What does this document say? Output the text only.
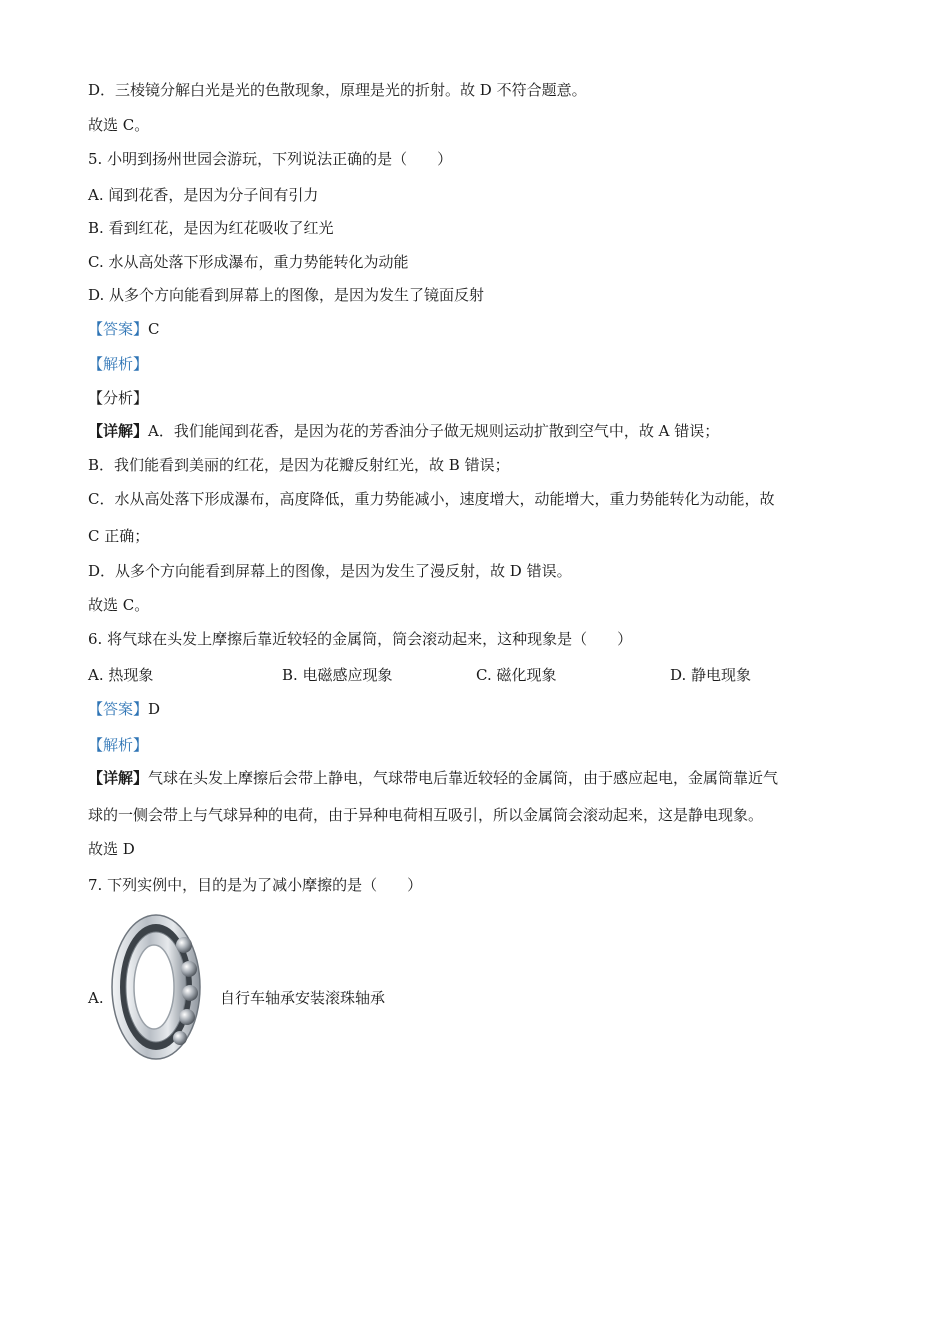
D．三棱镜分解白光是光的色散现象，原理是光的折射。故 D 不符合题意。
故选 C。
5. 小明到扬州世园会游玩，下列说法正确的是（　　）
A. 闻到花香，是因为分子间有引力
B. 看到红花，是因为红花吸收了红光
C. 水从高处落下形成瀑布，重力势能转化为动能
D. 从多个方向能看到屏幕上的图像，是因为发生了镜面反射
【答案】C
【解析】
【分析】
【详解】A．我们能闻到花香，是因为花的芳香油分子做无规则运动扩散到空气中，故 A 错误；
B．我们能看到美丽的红花，是因为花瓣反射红光，故 B 错误；
C．水从高处落下形成瀑布，高度降低，重力势能减小，速度增大，动能增大，重力势能转化为动能，故
C 正确；
D．从多个方向能看到屏幕上的图像，是因为发生了漫反射，故 D 错误。
故选 C。
6. 将气球在头发上摩擦后靠近较轻的金属筒，筒会滚动起来，这种现象是（　　）
A. 热现象	B. 电磁感应现象	C. 磁化现象	D. 静电现象
【答案】D
【解析】
【详解】气球在头发上摩擦后会带上静电，气球带电后靠近较轻的金属筒，由于感应起电，金属筒靠近气
球的一侧会带上与气球异种的电荷，由于异种电荷相互吸引，所以金属筒会滚动起来，这是静电现象。
故选 D
7. 下列实例中，目的是为了减小摩擦的是（　　）
A.	自行车轴承安装滚珠轴承
